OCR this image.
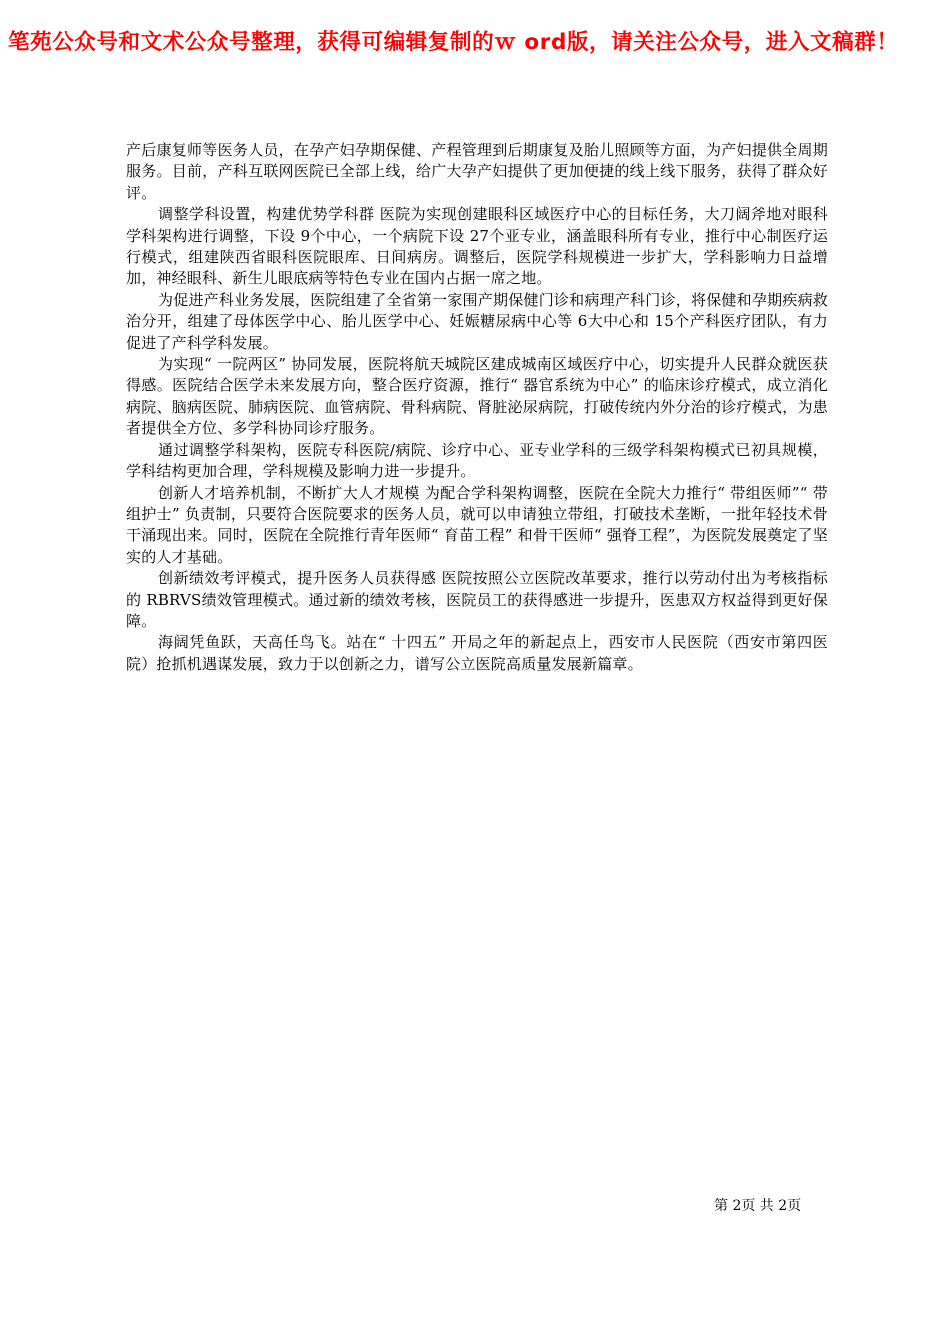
笔苑公众号和文术公众号整理，获得可编辑复制的ｗ ord版，请关注公众号，进入文稿群！

产后康复师等医务人员，在孕产妇孕期保健、产程管理到后期康复及胎儿照顾等方面，为产妇提供全周期服务。目前，产科互联网医院已全部上线，给广大孕产妇提供了更加便捷的线上线下服务，获得了群众好评。

调整学科设置，构建优势学科群 医院为实现创建眼科区域医疗中心的目标任务，大刀阔斧地对眼科学科架构进行调整，下设 9个中心，一个病院下设 27个亚专业，涵盖眼科所有专业，推行中心制医疗运行模式，组建陕西省眼科医院眼库、日间病房。调整后，医院学科规模进一步扩大，学科影响力日益增加，神经眼科、新生儿眼底病等特色专业在国内占据一席之地。

为促进产科业务发展，医院组建了全省第一家围产期保健门诊和病理产科门诊，将保健和孕期疾病救治分开，组建了母体医学中心、胎儿医学中心、妊娠糖尿病中心等 6大中心和 15个产科医疗团队，有力促进了产科学科发展。

为实现“ 一院两区” 协同发展，医院将航天城院区建成城南区域医疗中心，切实提升人民群众就医获得感。医院结合医学未来发展方向，整合医疗资源，推行“ 器官系统为中心” 的临床诊疗模式，成立消化病院、脑病医院、肺病医院、血管病院、骨科病院、肾脏泌尿病院，打破传统内外分治的诊疗模式，为患者提供全方位、多学科协同诊疗服务。

通过调整学科架构，医院专科医院/病院、诊疗中心、亚专业学科的三级学科架构模式已初具规模，学科结构更加合理，学科规模及影响力进一步提升。

创新人才培养机制，不断扩大人才规模 为配合学科架构调整，医院在全院大力推行“ 带组医师”“ 带组护士” 负责制，只要符合医院要求的医务人员，就可以申请独立带组，打破技术垄断，一批年轻技术骨干涌现出来。同时，医院在全院推行青年医师“ 育苗工程” 和骨干医师“ 强脊工程”，为医院发展奠定了坚实的人才基础。

创新绩效考评模式，提升医务人员获得感 医院按照公立医院改革要求，推行以劳动付出为考核指标的 RBRVS绩效管理模式。通过新的绩效考核，医院员工的获得感进一步提升，医患双方权益得到更好保障。

海阔凭鱼跃，天高任鸟飞。站在“ 十四五” 开局之年的新起点上，西安市人民医院（西安市第四医院）抢抓机遇谋发展，致力于以创新之力，谱写公立医院高质量发展新篇章。

第 2页 共 2页
